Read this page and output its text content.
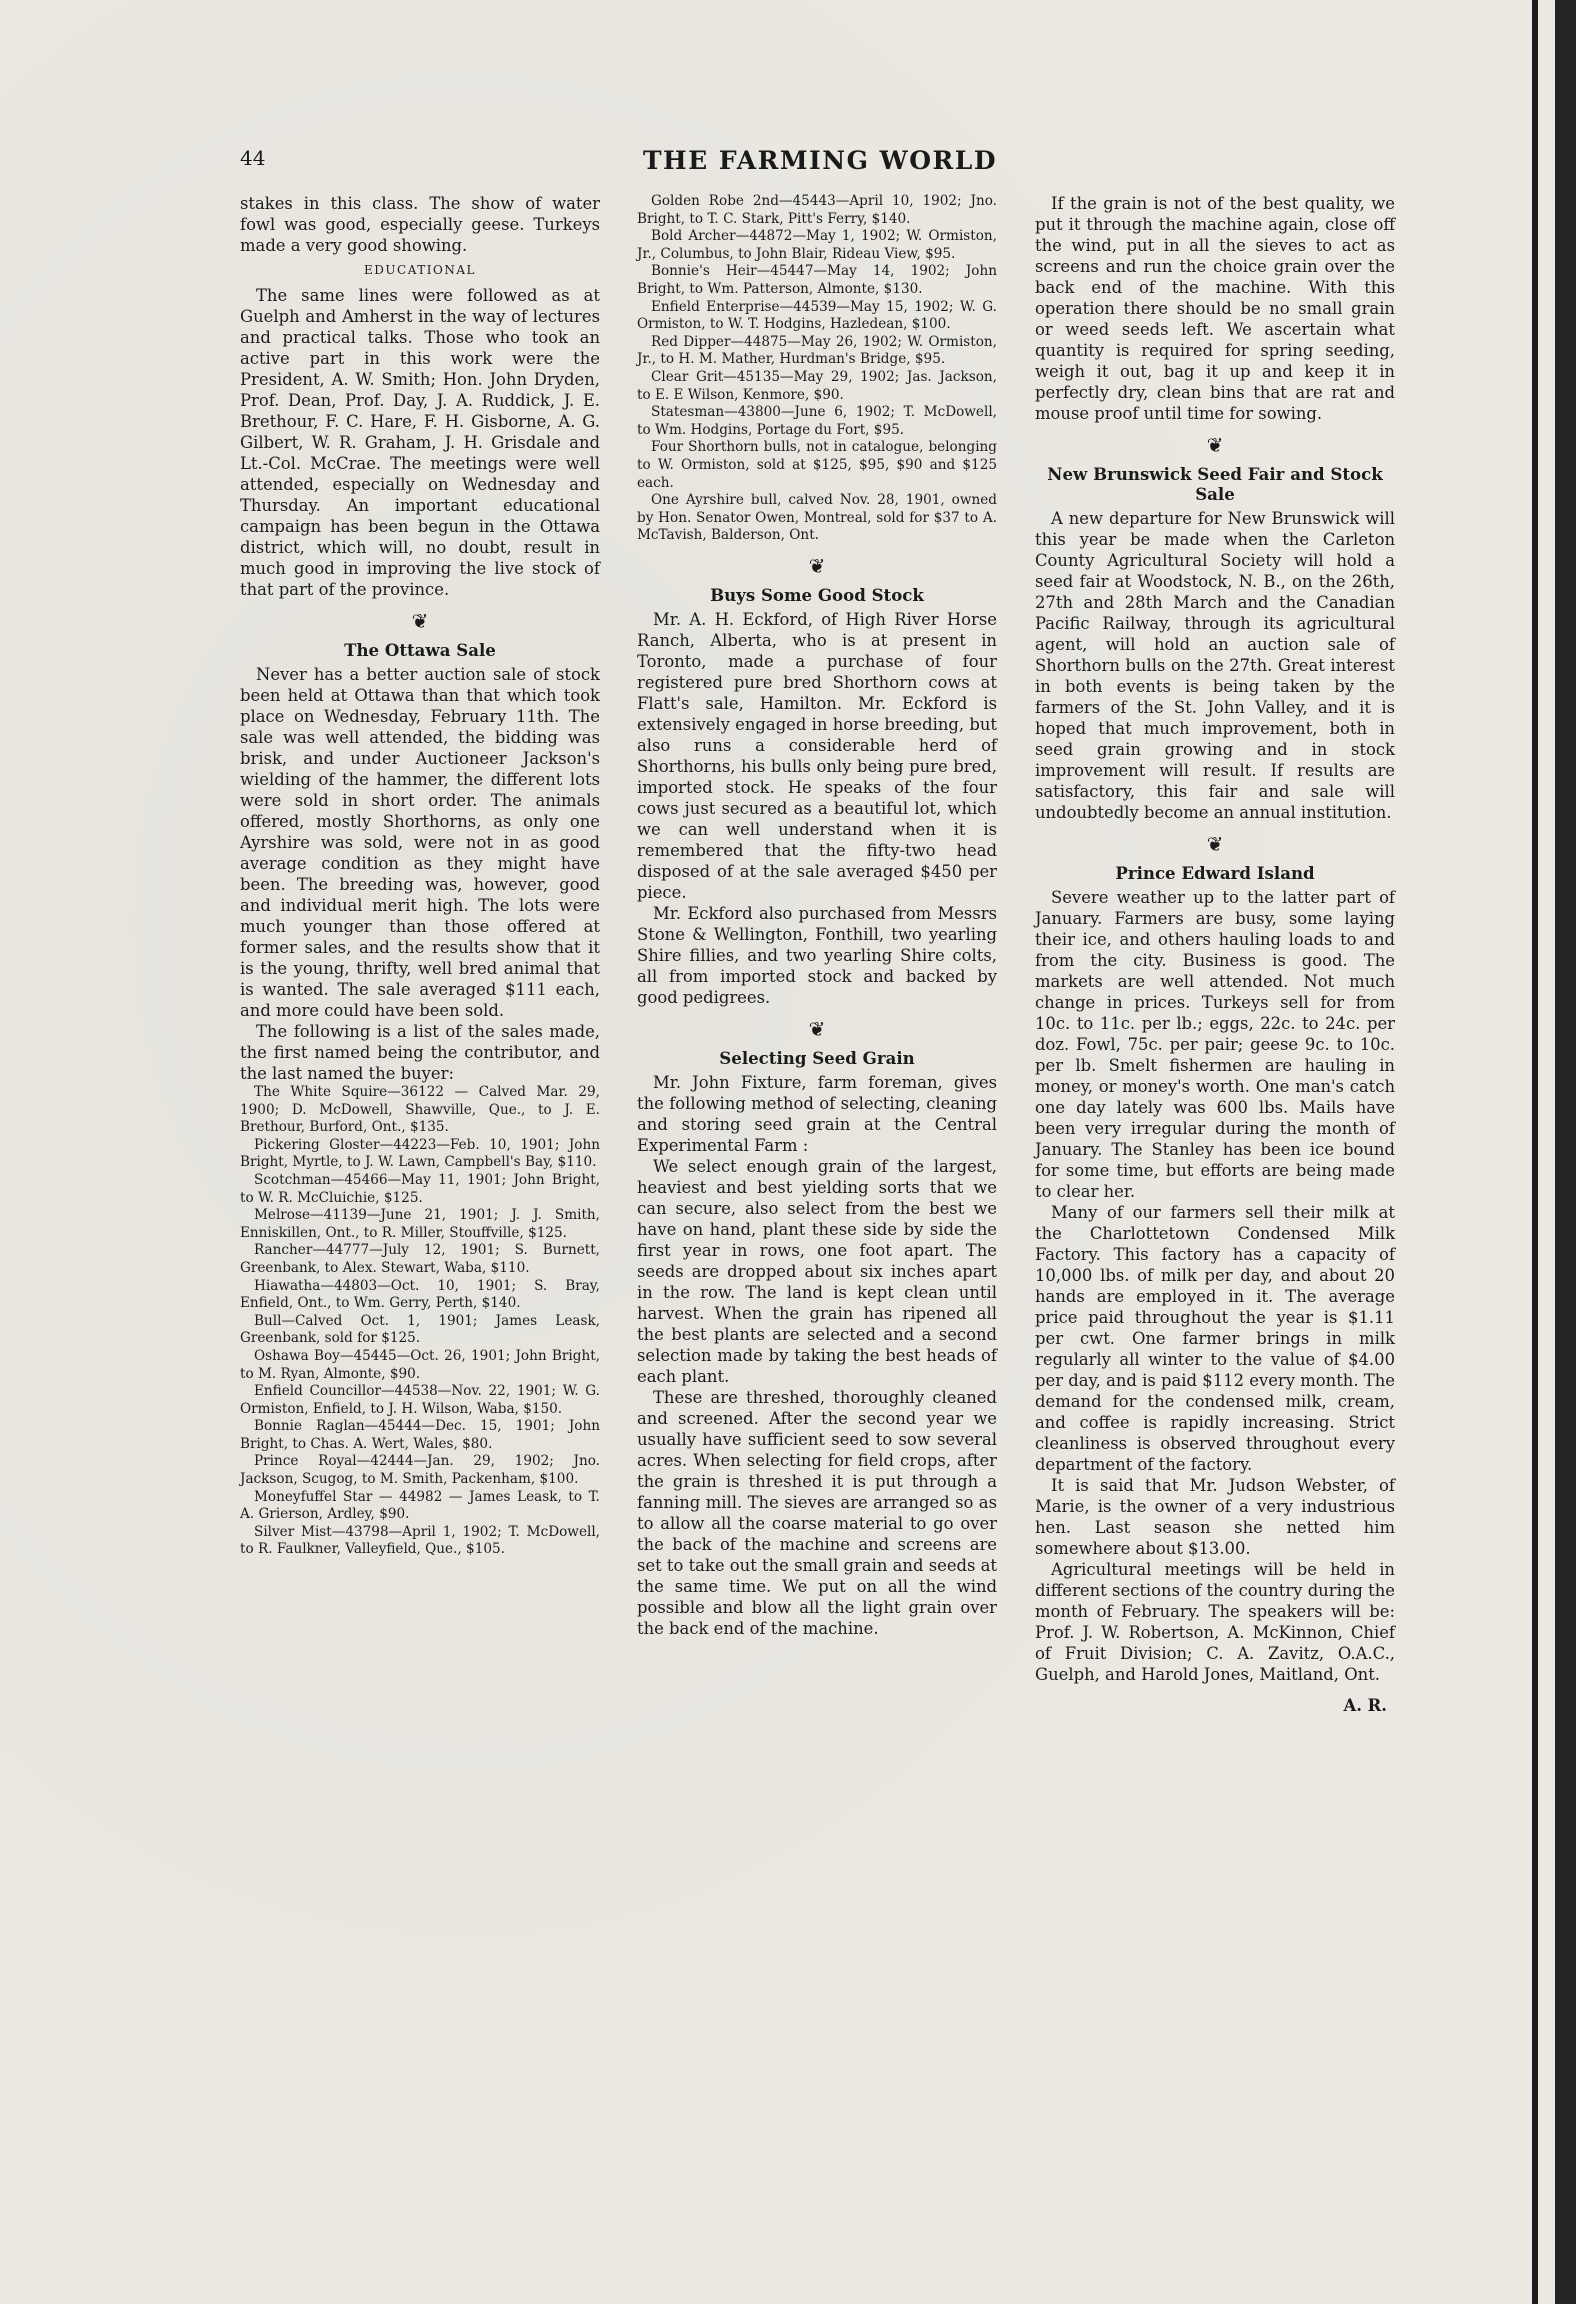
44	THE FARMING WORLD

stakes in this class. The show of water fowl was good, especially geese. Turkeys made a very good showing.

EDUCATIONAL

The same lines were followed as at Guelph and Amherst in the way of lectures and practical talks. Those who took an active part in this work were the President, A. W. Smith; Hon. John Dryden, Prof. Dean, Prof. Day, J. A. Ruddick, J. E. Brethour, F. C. Hare, F. H. Gisborne, A. G. Gilbert, W. R. Graham, J. H. Grisdale and Lt.-Col. McCrae. The meetings were well attended, especially on Wednesday and Thursday. An important educational campaign has been begun in the Ottawa district, which will, no doubt, result in much good in improving the live stock of that part of the province.

❦
The Ottawa Sale

Never has a better auction sale of stock been held at Ottawa than that which took place on Wednesday, February 11th. The sale was well attended, the bidding was brisk, and under Auctioneer Jackson's wielding of the hammer, the different lots were sold in short order. The animals offered, mostly Shorthorns, as only one Ayrshire was sold, were not in as good average condition as they might have been. The breeding was, however, good and individual merit high. The lots were much younger than those offered at former sales, and the results show that it is the young, thrifty, well bred animal that is wanted. The sale averaged $111 each, and more could have been sold.

The following is a list of the sales made, the first named being the contributor, and the last named the buyer:

The White Squire—36122 — Calved Mar. 29, 1900; D. McDowell, Shawville, Que., to J. E. Brethour, Burford, Ont., $135.

Pickering Gloster—44223—Feb. 10, 1901; John Bright, Myrtle, to J. W. Lawn, Campbell's Bay, $110.

Scotchman—45466—May 11, 1901; John Bright, to W. R. McCluichie, $125.

Melrose—41139—June 21, 1901; J. J. Smith, Enniskillen, Ont., to R. Miller, Stouffville, $125.

Rancher—44777—July 12, 1901; S. Burnett, Greenbank, to Alex. Stewart, Waba, $110.

Hiawatha—44803—Oct. 10, 1901; S. Bray, Enfield, Ont., to Wm. Gerry, Perth, $140.

Bull—Calved Oct. 1, 1901; James Leask, Greenbank, sold for $125.

Oshawa Boy—45445—Oct. 26, 1901; John Bright, to M. Ryan, Almonte, $90.

Enfield Councillor—44538—Nov. 22, 1901; W. G. Ormiston, Enfield, to J. H. Wilson, Waba, $150.

Bonnie Raglan—45444—Dec. 15, 1901; John Bright, to Chas. A. Wert, Wales, $80.

Prince Royal—42444—Jan. 29, 1902; Jno. Jackson, Scugog, to M. Smith, Packenham, $100.

Moneyfuffel Star — 44982 — James Leask, to T. A. Grierson, Ardley, $90.

Silver Mist—43798—April 1, 1902; T. McDowell, to R. Faulkner, Valleyfield, Que., $105.

Golden Robe 2nd—45443—April 10, 1902; Jno. Bright, to T. C. Stark, Pitt's Ferry, $140.

Bold Archer—44872—May 1, 1902; W. Ormiston, Jr., Columbus, to John Blair, Rideau View, $95.

Bonnie's Heir—45447—May 14, 1902; John Bright, to Wm. Patterson, Almonte, $130.

Enfield Enterprise—44539—May 15, 1902; W. G. Ormiston, to W. T. Hodgins, Hazledean, $100.

Red Dipper—44875—May 26, 1902; W. Ormiston, Jr., to H. M. Mather, Hurdman's Bridge, $95.

Clear Grit—45135—May 29, 1902; Jas. Jackson, to E. E Wilson, Kenmore, $90.

Statesman—43800—June 6, 1902; T. McDowell, to Wm. Hodgins, Portage du Fort, $95.

Four Shorthorn bulls, not in catalogue, belonging to W. Ormiston, sold at $125, $95, $90 and $125 each.

One Ayrshire bull, calved Nov. 28, 1901, owned by Hon. Senator Owen, Montreal, sold for $37 to A. McTavish, Balderson, Ont.

❦
Buys Some Good Stock

Mr. A. H. Eckford, of High River Horse Ranch, Alberta, who is at present in Toronto, made a purchase of four registered pure bred Shorthorn cows at Flatt's sale, Hamilton. Mr. Eckford is extensively engaged in horse breeding, but also runs a considerable herd of Shorthorns, his bulls only being pure bred, imported stock. He speaks of the four cows just secured as a beautiful lot, which we can well understand when it is remembered that the fifty-two head disposed of at the sale averaged $450 per piece.

Mr. Eckford also purchased from Messrs Stone & Wellington, Fonthill, two yearling Shire fillies, and two yearling Shire colts, all from imported stock and backed by good pedigrees.

❦
Selecting Seed Grain

Mr. John Fixture, farm foreman, gives the following method of selecting, cleaning and storing seed grain at the Central Experimental Farm :

We select enough grain of the largest, heaviest and best yielding sorts that we can secure, also select from the best we have on hand, plant these side by side the first year in rows, one foot apart. The seeds are dropped about six inches apart in the row. The land is kept clean until harvest. When the grain has ripened all the best plants are selected and a second selection made by taking the best heads of each plant.

These are threshed, thoroughly cleaned and screened. After the second year we usually have sufficient seed to sow several acres. When selecting for field crops, after the grain is threshed it is put through a fanning mill. The sieves are arranged so as to allow all the coarse material to go over the back of the machine and screens are set to take out the small grain and seeds at the same time. We put on all the wind possible and blow all the light grain over the back end of the machine.

If the grain is not of the best quality, we put it through the machine again, close off the wind, put in all the sieves to act as screens and run the choice grain over the back end of the machine. With this operation there should be no small grain or weed seeds left. We ascertain what quantity is required for spring seeding, weigh it out, bag it up and keep it in perfectly dry, clean bins that are rat and mouse proof until time for sowing.

❦
New Brunswick Seed Fair and Stock Sale

A new departure for New Brunswick will this year be made when the Carleton County Agricultural Society will hold a seed fair at Woodstock, N. B., on the 26th, 27th and 28th March and the Canadian Pacific Railway, through its agricultural agent, will hold an auction sale of Shorthorn bulls on the 27th. Great interest in both events is being taken by the farmers of the St. John Valley, and it is hoped that much improvement, both in seed grain growing and in stock improvement will result. If results are satisfactory, this fair and sale will undoubtedly become an annual institution.

❦
Prince Edward Island

Severe weather up to the latter part of January. Farmers are busy, some laying their ice, and others hauling loads to and from the city. Business is good. The markets are well attended. Not much change in prices. Turkeys sell for from 10c. to 11c. per lb.; eggs, 22c. to 24c. per doz. Fowl, 75c. per pair; geese 9c. to 10c. per lb. Smelt fishermen are hauling in money, or money's worth. One man's catch one day lately was 600 lbs. Mails have been very irregular during the month of January. The Stanley has been ice bound for some time, but efforts are being made to clear her.

Many of our farmers sell their milk at the Charlottetown Condensed Milk Factory. This factory has a capacity of 10,000 lbs. of milk per day, and about 20 hands are employed in it. The average price paid throughout the year is $1.11 per cwt. One farmer brings in milk regularly all winter to the value of $4.00 per day, and is paid $112 every month. The demand for the condensed milk, cream, and coffee is rapidly increasing. Strict cleanliness is observed throughout every department of the factory.

It is said that Mr. Judson Webster, of Marie, is the owner of a very industrious hen. Last season she netted him somewhere about $13.00.

Agricultural meetings will be held in different sections of the country during the month of February. The speakers will be: Prof. J. W. Robertson, A. McKinnon, Chief of Fruit Division; C. A. Zavitz, O.A.C., Guelph, and Harold Jones, Maitland, Ont.

A. R.
